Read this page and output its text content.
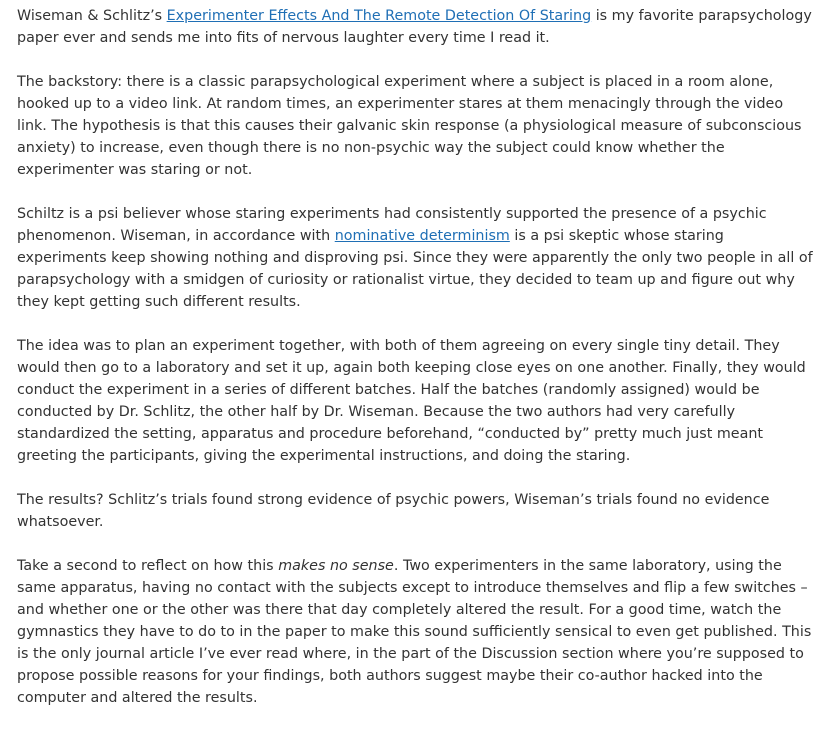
Wiseman & Schlitz’s Experimenter Effects And The Remote Detection Of Staring is my favorite parapsychology paper ever and sends me into fits of nervous laughter every time I read it.

The backstory: there is a classic parapsychological experiment where a subject is placed in a room alone, hooked up to a video link. At random times, an experimenter stares at them menacingly through the video link. The hypothesis is that this causes their galvanic skin response (a physiological measure of subconscious anxiety) to increase, even though there is no non-psychic way the subject could know whether the experimenter was staring or not.

Schiltz is a psi believer whose staring experiments had consistently supported the presence of a psychic phenomenon. Wiseman, in accordance with nominative determinism is a psi skeptic whose staring experiments keep showing nothing and disproving psi. Since they were apparently the only two people in all of parapsychology with a smidgen of curiosity or rationalist virtue, they decided to team up and figure out why they kept getting such different results.

The idea was to plan an experiment together, with both of them agreeing on every single tiny detail. They would then go to a laboratory and set it up, again both keeping close eyes on one another. Finally, they would conduct the experiment in a series of different batches. Half the batches (randomly assigned) would be conducted by Dr. Schlitz, the other half by Dr. Wiseman. Because the two authors had very carefully standardized the setting, apparatus and procedure beforehand, “conducted by” pretty much just meant greeting the participants, giving the experimental instructions, and doing the staring.

The results? Schlitz’s trials found strong evidence of psychic powers, Wiseman’s trials found no evidence whatsoever.

Take a second to reflect on how this makes no sense. Two experimenters in the same laboratory, using the same apparatus, having no contact with the subjects except to introduce themselves and flip a few switches – and whether one or the other was there that day completely altered the result. For a good time, watch the gymnastics they have to do to in the paper to make this sound sufficiently sensical to even get published. This is the only journal article I’ve ever read where, in the part of the Discussion section where you’re supposed to propose possible reasons for your findings, both authors suggest maybe their co-author hacked into the computer and altered the results.
